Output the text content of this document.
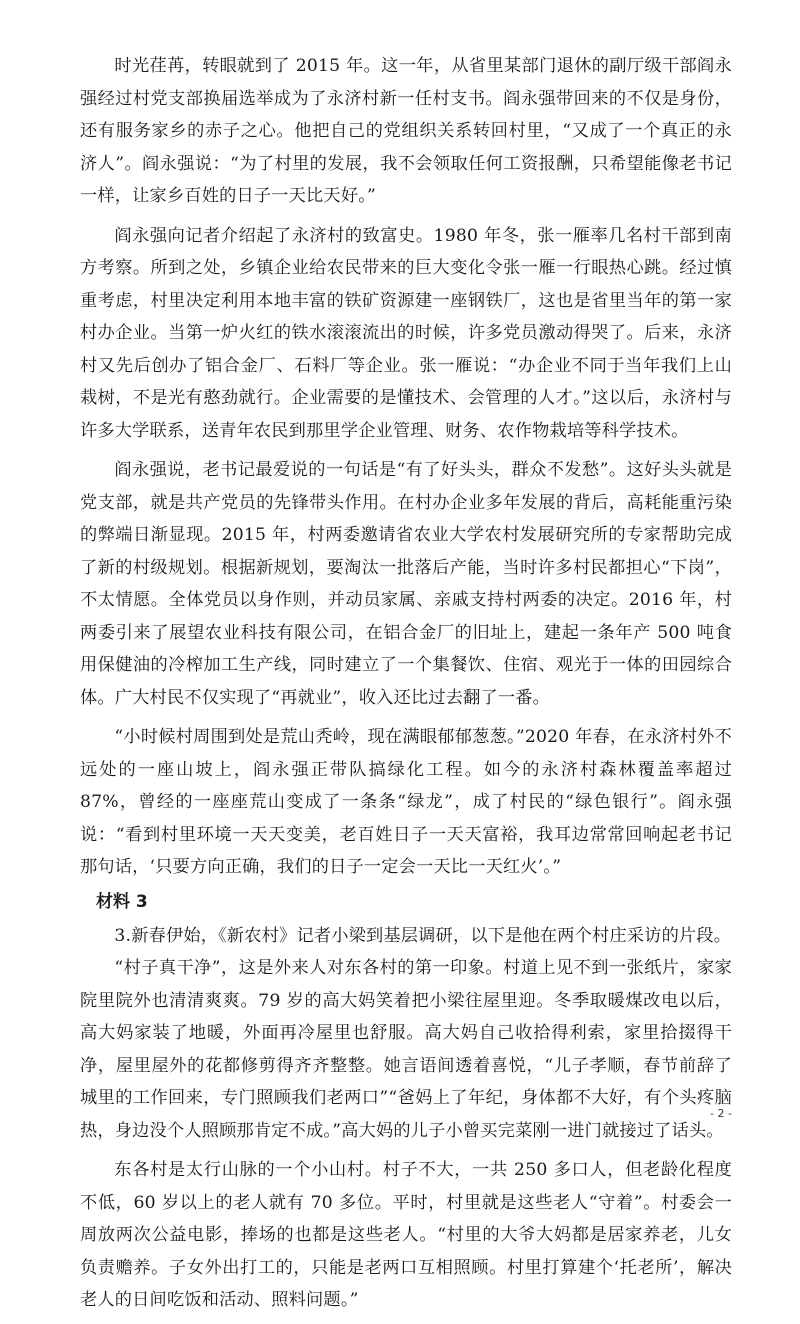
时光荏苒，转眼就到了 2015 年。这一年，从省里某部门退休的副厅级干部阎永强经过村党支部换届选举成为了永济村新一任村支书。阎永强带回来的不仅是身份，还有服务家乡的赤子之心。他把自己的党组织关系转回村里，“又成了一个真正的永济人”。阎永强说：“为了村里的发展，我不会领取任何工资报酬，只希望能像老书记一样，让家乡百姓的日子一天比天好。”

阎永强向记者介绍起了永济村的致富史。1980 年冬，张一雁率几名村干部到南方考察。所到之处，乡镇企业给农民带来的巨大变化令张一雁一行眼热心跳。经过慎重考虑，村里决定利用本地丰富的铁矿资源建一座钢铁厂，这也是省里当年的第一家村办企业。当第一炉火红的铁水滚滚流出的时候，许多党员激动得哭了。后来，永济村又先后创办了铝合金厂、石料厂等企业。张一雁说：“办企业不同于当年我们上山栽树，不是光有憨劲就行。企业需要的是懂技术、会管理的人才。”这以后，永济村与许多大学联系，送青年农民到那里学企业管理、财务、农作物栽培等科学技术。

阎永强说，老书记最爱说的一句话是“有了好头头，群众不发愁”。这好头头就是党支部，就是共产党员的先锋带头作用。在村办企业多年发展的背后，高耗能重污染的弊端日渐显现。2015 年，村两委邀请省农业大学农村发展研究所的专家帮助完成了新的村级规划。根据新规划，要淘汰一批落后产能，当时许多村民都担心“下岗”，不太情愿。全体党员以身作则，并动员家属、亲戚支持村两委的决定。2016 年，村两委引来了展望农业科技有限公司，在铝合金厂的旧址上，建起一条年产 500 吨食用保健油的冷榨加工生产线，同时建立了一个集餐饮、住宿、观光于一体的田园综合体。广大村民不仅实现了“再就业”，收入还比过去翻了一番。

“小时候村周围到处是荒山秃岭，现在满眼郁郁葱葱。”2020 年春，在永济村外不远处的一座山坡上，阎永强正带队搞绿化工程。如今的永济村森林覆盖率超过 87%，曾经的一座座荒山变成了一条条“绿龙”，成了村民的“绿色银行”。阎永强说：“看到村里环境一天天变美，老百姓日子一天天富裕，我耳边常常回响起老书记那句话，‘只要方向正确，我们的日子一定会一天比一天红火’。”

材料 3

3.新春伊始，《新农村》记者小梁到基层调研，以下是他在两个村庄采访的片段。

“村子真干净”，这是外来人对东各村的第一印象。村道上见不到一张纸片，家家院里院外也清清爽爽。79 岁的高大妈笑着把小梁往屋里迎。冬季取暖煤改电以后，高大妈家装了地暖，外面再冷屋里也舒服。高大妈自己收拾得利索，家里拾掇得干净，屋里屋外的花都修剪得齐齐整整。她言语间透着喜悦，“儿子孝顺，春节前辞了城里的工作回来，专门照顾我们老两口”“爸妈上了年纪，身体都不大好，有个头疼脑热，身边没个人照顾那肯定不成。”高大妈的儿子小曾买完菜刚一进门就接过了话头。

东各村是太行山脉的一个小山村。村子不大，一共 250 多口人，但老龄化程度不低，60 岁以上的老人就有 70 多位。平时，村里就是这些老人“守着”。村委会一周放两次公益电影，捧场的也都是这些老人。“村里的大爷大妈都是居家养老，儿女负责赡养。子女外出打工的，只能是老两口互相照顾。村里打算建个‘托老所’，解决老人的日间吃饭和活动、照料问题。”

- 2 -
